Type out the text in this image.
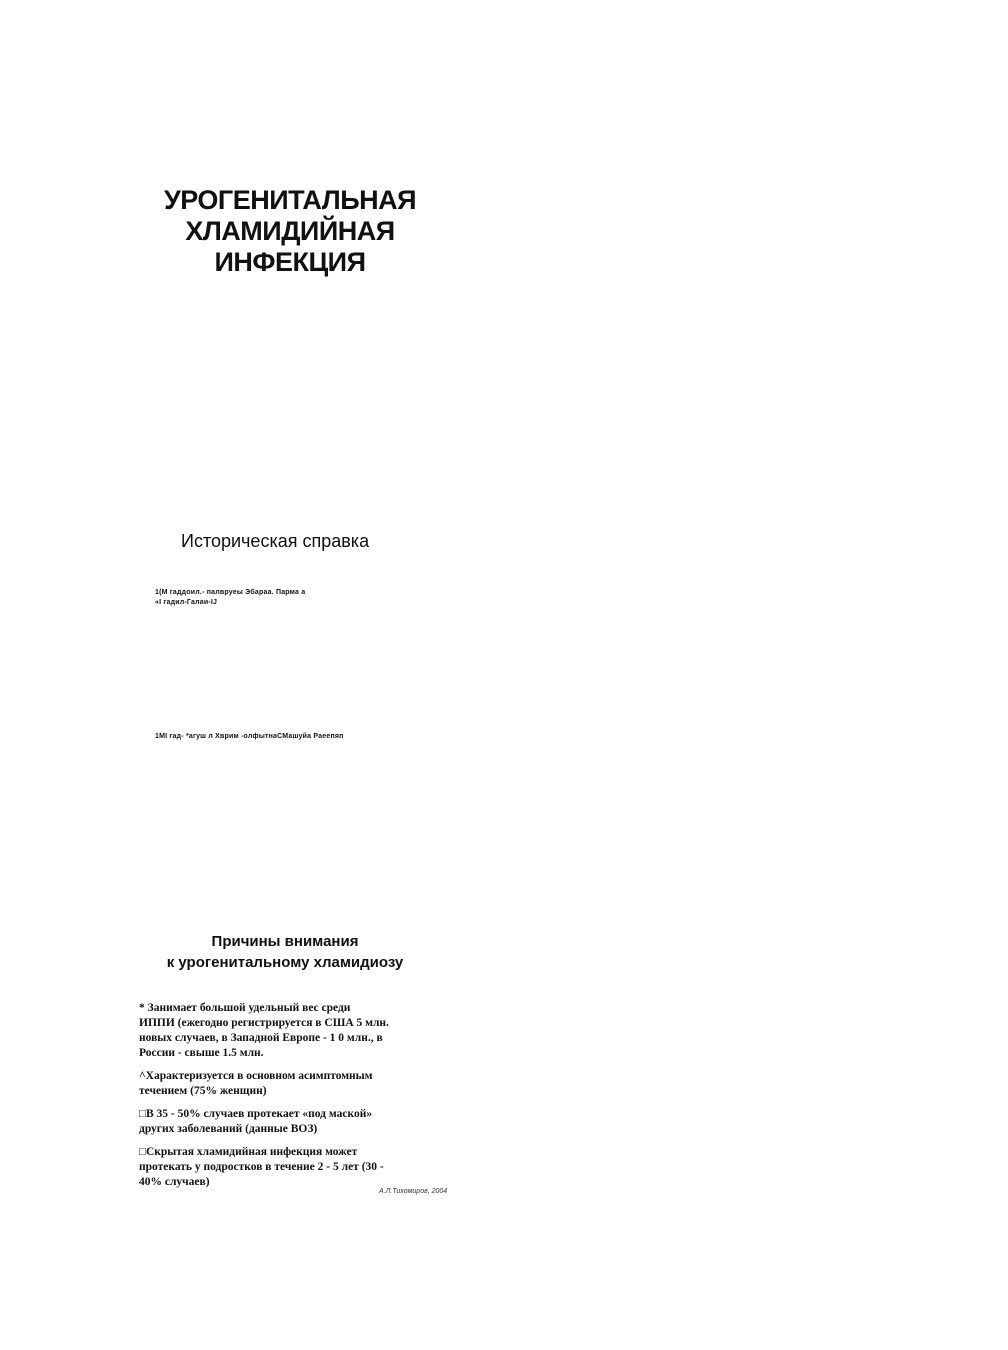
УРОГЕНИТАЛЬНАЯ
ХЛАМИДИЙНАЯ
ИНФЕКЦИЯ
Историческая справка
1(М гаддоил.- палвруеы Эбараа. Парма а
«I гадил-Галаи-IJ
1МI гад- *агуш л Хврим -олфытнаСМашуйа Раеепяп
Причины внимания
к урогенитальному хламидиозу
* Занимает большой удельный вес среди
ИППИ (ежегодно регистрируется в США 5 млн.
новых случаев, в Западной Европе - 1 0 млн., в
России - свыше 1.5 млн.
^Характеризуется в основном асимптомным
течением (75% женщин)
□В 35 - 50% случаев протекает «под маской»
других заболеваний (данные ВОЗ)
□Скрытая хламидийная инфекция может
протекать у подростков в течение 2 - 5 лет (30 -
40% случаев)
А.Л.Тихомиров, 2004
